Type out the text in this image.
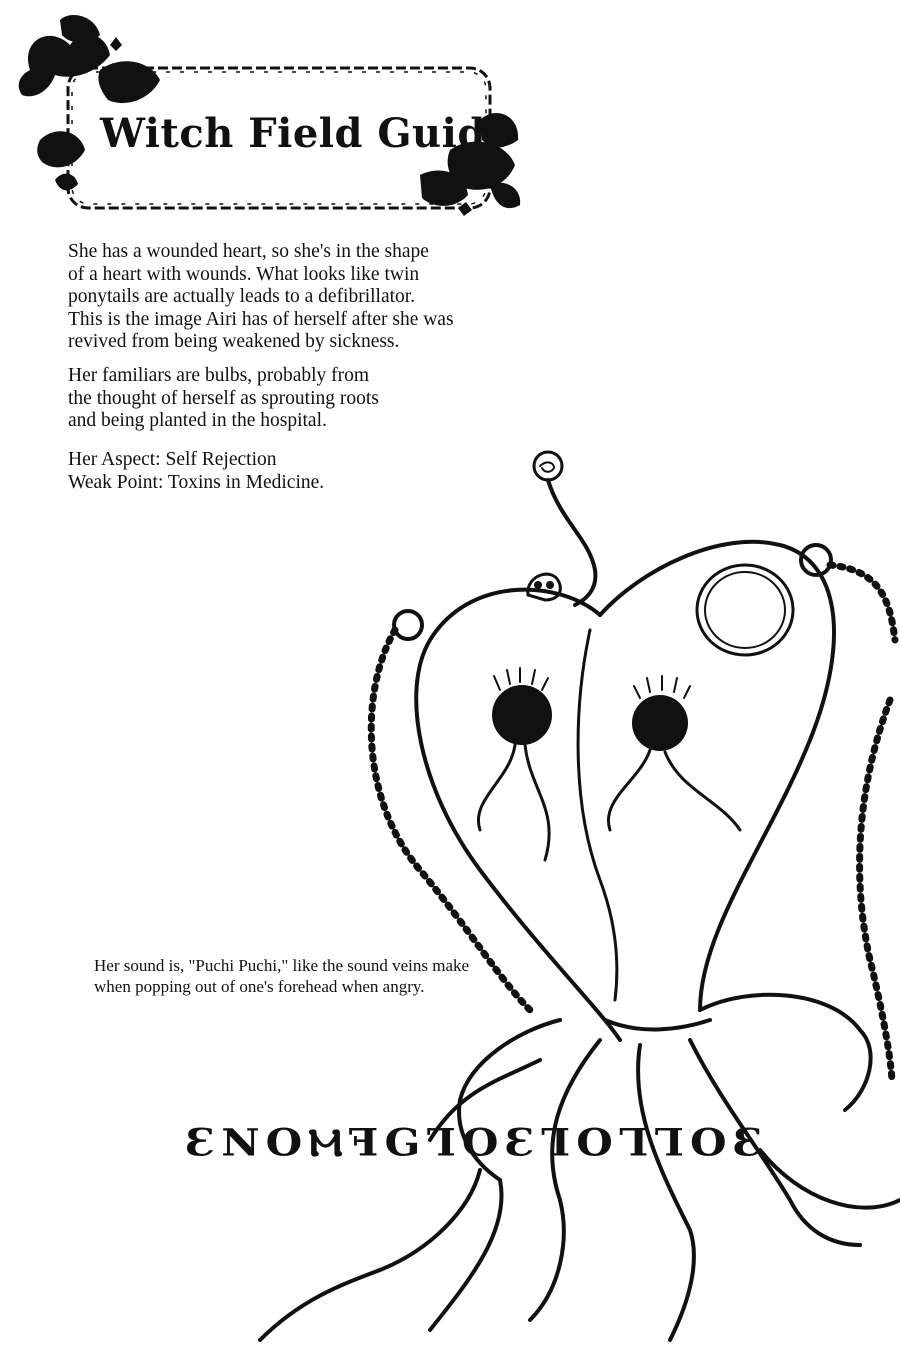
Witch Field Guide

She has a wounded heart, so she's in the shape
of a heart with wounds. What looks like twin
ponytails are actually leads to a defibrillator.
This is the image Airi has of herself after she was
revived from being weakened by sickness.

Her familiars are bulbs, probably from
the thought of herself as sprouting roots
and being planted in the hospital.

Her Aspect: Self Rejection
Weak Point: Toxins in Medicine.

Her sound is, "Puchi Puchi," like the sound veins make
when popping out of one's forehead when angry.

ƐNOⲘꟻGꞀOƐꞀOꞀꞀOƐ
